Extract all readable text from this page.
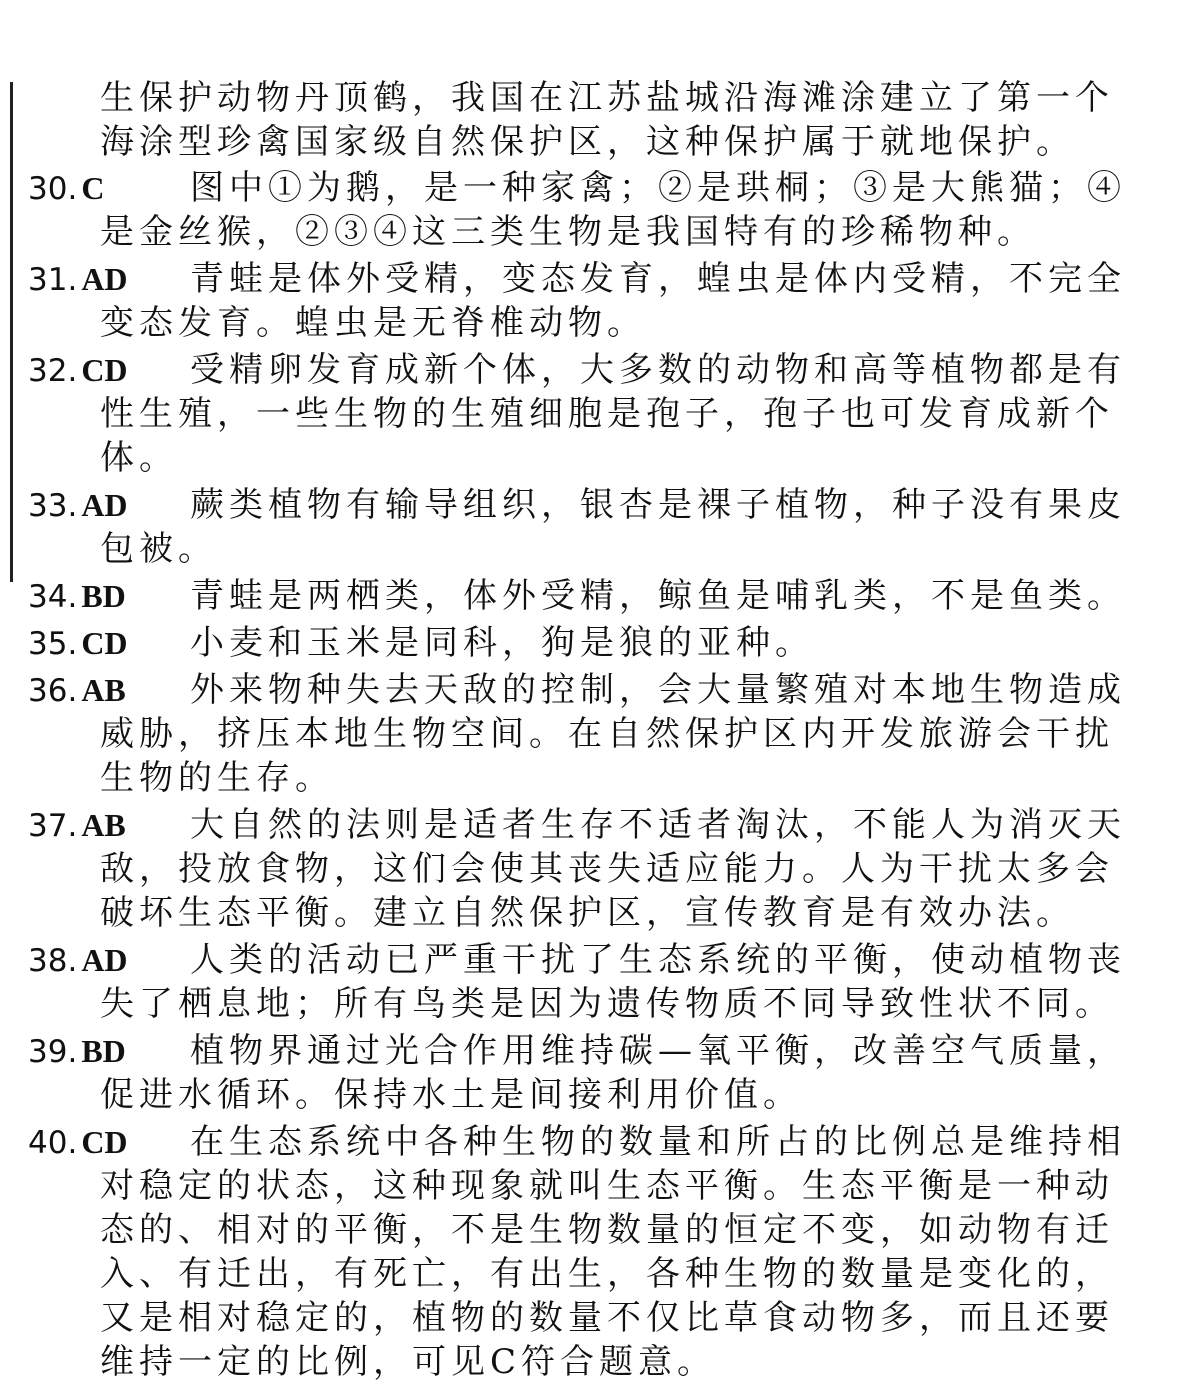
生保护动物丹顶鹤，我国在江苏盐城沿海滩涂建立了第一个海涂型珍禽国家级自然保护区，这种保护属于就地保护。
30. C	图中①为鹅，是一种家禽；②是珙桐；③是大熊猫；④是金丝猴，②③④这三类生物是我国特有的珍稀物种。
31. AD 青蛙是体外受精，变态发育，蝗虫是体内受精，不完全变态发育。蝗虫是无脊椎动物。
32. CD 受精卵发育成新个体，大多数的动物和高等植物都是有性生殖，一些生物的生殖细胞是孢子，孢子也可发育成新个体。
33. AD 蕨类植物有输导组织，银杏是裸子植物，种子没有果皮包被。
34. BD 青蛙是两栖类，体外受精，鲸鱼是哺乳类，不是鱼类。
35. CD 小麦和玉米是同科，狗是狼的亚种。
36. AB 外来物种失去天敌的控制，会大量繁殖对本地生物造成威胁，挤压本地生物空间。在自然保护区内开发旅游会干扰生物的生存。
37. AB 大自然的法则是适者生存不适者淘汰，不能人为消灭天敌，投放食物，这们会使其丧失适应能力。人为干扰太多会破坏生态平衡。建立自然保护区，宣传教育是有效办法。
38. AD 人类的活动已严重干扰了生态系统的平衡，使动植物丧失了栖息地；所有鸟类是因为遗传物质不同导致性状不同。
39. BD 植物界通过光合作用维持碳—氧平衡，改善空气质量，促进水循环。保持水土是间接利用价值。
40. CD 在生态系统中各种生物的数量和所占的比例总是维持相对稳定的状态，这种现象就叫生态平衡。生态平衡是一种动态的、相对的平衡，不是生物数量的恒定不变，如动物有迁入、有迁出，有死亡，有出生，各种生物的数量是变化的，又是相对稳定的，植物的数量不仅比草食动物多，而且还要维持一定的比例，可见C符合题意。
